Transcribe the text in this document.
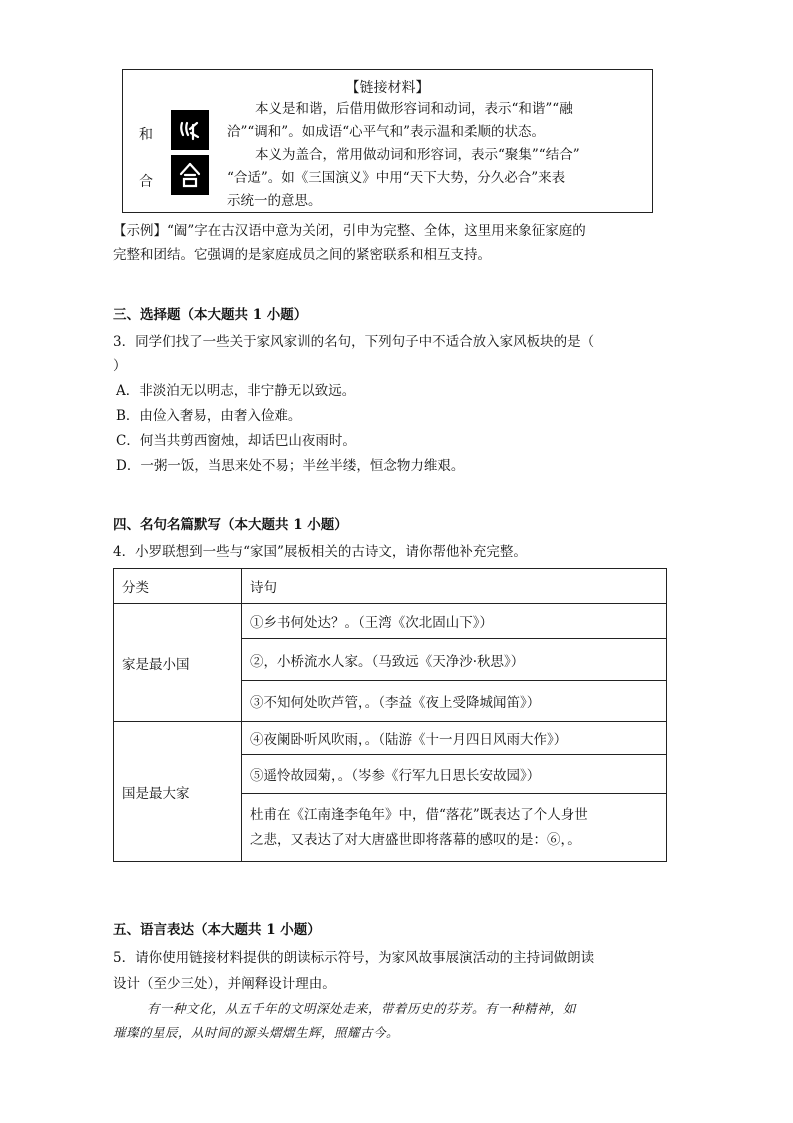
【链接材料】
和
本义是和谐，后借用做形容词和动词，表示“和谐”“融
洽”“调和”。如成语“心平气和”表示温和柔顺的状态。
合
本义为盖合，常用做动词和形容词，表示“聚集”“结合”
“合适”。如《三国演义》中用“天下大势，分久必合”来表
示统一的意思。
【示例】“阖”字在古汉语中意为关闭，引申为完整、全体，这里用来象征家庭的
完整和团结。它强调的是家庭成员之间的紧密联系和相互支持。
三、选择题（本大题共 1 小题）
3．同学们找了一些关于家风家训的名句，下列句子中不适合放入家风板块的是（
）
A．非淡泊无以明志，非宁静无以致远。
B．由俭入奢易，由奢入俭难。
C．何当共剪西窗烛，却话巴山夜雨时。
D．一粥一饭，当思来处不易；半丝半缕，恒念物力维艰。
四、名句名篇默写（本大题共 1 小题）
4．小罗联想到一些与“家国”展板相关的古诗文，请你帮他补充完整。
分类	诗句
家是最小国	①乡书何处达？。（王湾《次北固山下》）
	②，小桥流水人家。（马致远《天净沙·秋思》）
	③不知何处吹芦管，。（李益《夜上受降城闻笛》）
国是最大家	④夜阑卧听风吹雨，。（陆游《十一月四日风雨大作》）
	⑤遥怜故园菊，。（岑参《行军九日思长安故园》）

	杜甫在《江南逢李龟年》中，借“落花”既表达了个人身世
之悲，又表达了对大唐盛世即将落幕的感叹的是：⑥，。
五、语言表达（本大题共 1 小题）
5．请你使用链接材料提供的朗读标示符号，为家风故事展演活动的主持词做朗读
设计（至少三处），并阐释设计理由。
有一种文化，从五千年的文明深处走来，带着历史的芬芳。有一种精神，如
璀璨的星辰，从时间的源头熠熠生辉，照耀古今。
